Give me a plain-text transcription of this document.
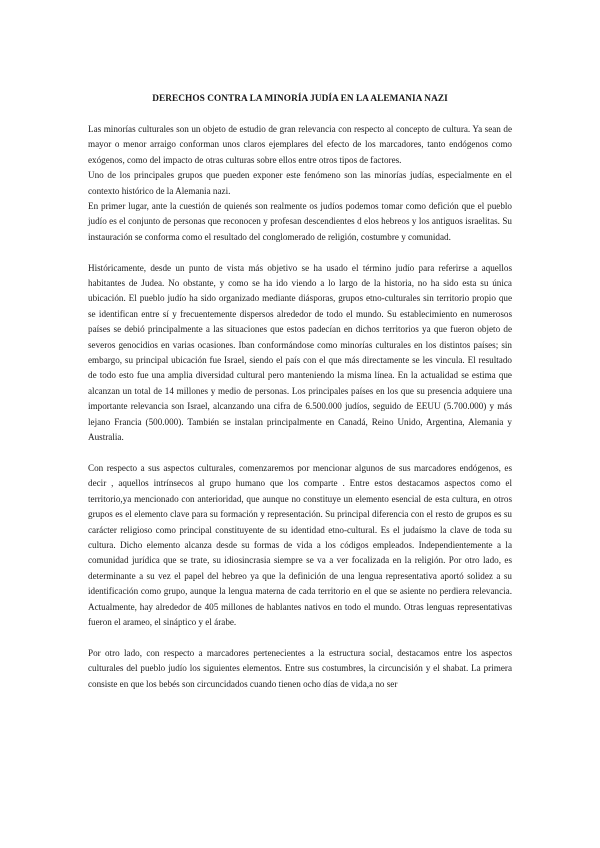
DERECHOS CONTRA LA MINORÍA JUDÍA EN LA ALEMANIA NAZI

Las minorías culturales son un objeto de estudio de gran relevancia con respecto al concepto de cultura. Ya sean de mayor o menor arraigo conforman unos claros ejemplares del efecto de los marcadores, tanto endógenos como exógenos, como del impacto de otras culturas sobre ellos entre otros tipos de factores.

Uno de los principales grupos que pueden exponer este fenómeno son las minorías judías, especialmente en el contexto histórico de la Alemania nazi.

En primer lugar, ante la cuestión de quienés son realmente os judíos podemos tomar como defición que el pueblo judío es el conjunto de personas que reconocen y profesan descendientes d elos hebreos y los antiguos israelitas. Su instauración se conforma como el resultado del conglomerado de religión, costumbre y comunidad.

Históricamente, desde un punto de vista más objetivo se ha usado el término judío para referirse a aquellos habitantes de Judea. No obstante, y como se ha ido viendo a lo largo de la historia, no ha sido esta su única ubicación. El pueblo judío ha sido organizado mediante diásporas, grupos etno-culturales sin territorio propio que se identifican entre sí y frecuentemente dispersos alrededor de todo el mundo. Su establecimiento en numerosos países se debió principalmente a las situaciones que estos padecían en dichos territorios ya que fueron objeto de severos genocidios en varias ocasiones. Iban conformándose como minorías culturales en los distintos países; sin embargo, su principal ubicación fue Israel, siendo el país con el que más directamente se les vincula. El resultado de todo esto fue una amplia diversidad cultural pero manteniendo la misma línea. En la actualidad se estima que alcanzan un total de 14 millones y medio de personas. Los principales países en los que su presencia adquiere una importante relevancia son Israel, alcanzando una cifra de 6.500.000 judíos, seguido de EEUU (5.700.000) y más lejano Francia (500.000). También se instalan principalmente en Canadá, Reino Unido, Argentina, Alemania y Australia.

Con respecto a sus aspectos culturales, comenzaremos por mencionar algunos de sus marcadores endógenos, es decir , aquellos intrínsecos al grupo humano que los comparte . Entre estos destacamos aspectos como el territorio,ya mencionado con anterioridad, que aunque no constituye un elemento esencial de esta cultura, en otros grupos es el elemento clave para su formación y representación. Su principal diferencia con el resto de grupos es su carácter religioso como principal constituyente de su identidad etno-cultural. Es el judaísmo la clave de toda su cultura. Dicho elemento alcanza desde su formas de vida a los códigos empleados. Independientemente a la comunidad jurídica que se trate, su idiosincrasia siempre se va a ver focalizada en la religión. Por otro lado, es determinante a su vez el papel del hebreo ya que la definición de una lengua representativa aportó solidez a su identificación como grupo, aunque la lengua materna de cada territorio en el que se asiente no perdiera relevancia. Actualmente, hay alrededor de 405 millones de hablantes nativos en todo el mundo. Otras lenguas representativas fueron el arameo, el sináptico y el árabe.

Por otro lado, con respecto a marcadores pertenecientes a la estructura social, destacamos entre los aspectos culturales del pueblo judío los siguientes elementos. Entre sus costumbres, la circuncisión y el shabat. La primera consiste en que los bebés son circuncidados cuando tienen ocho días de vida,a no ser
